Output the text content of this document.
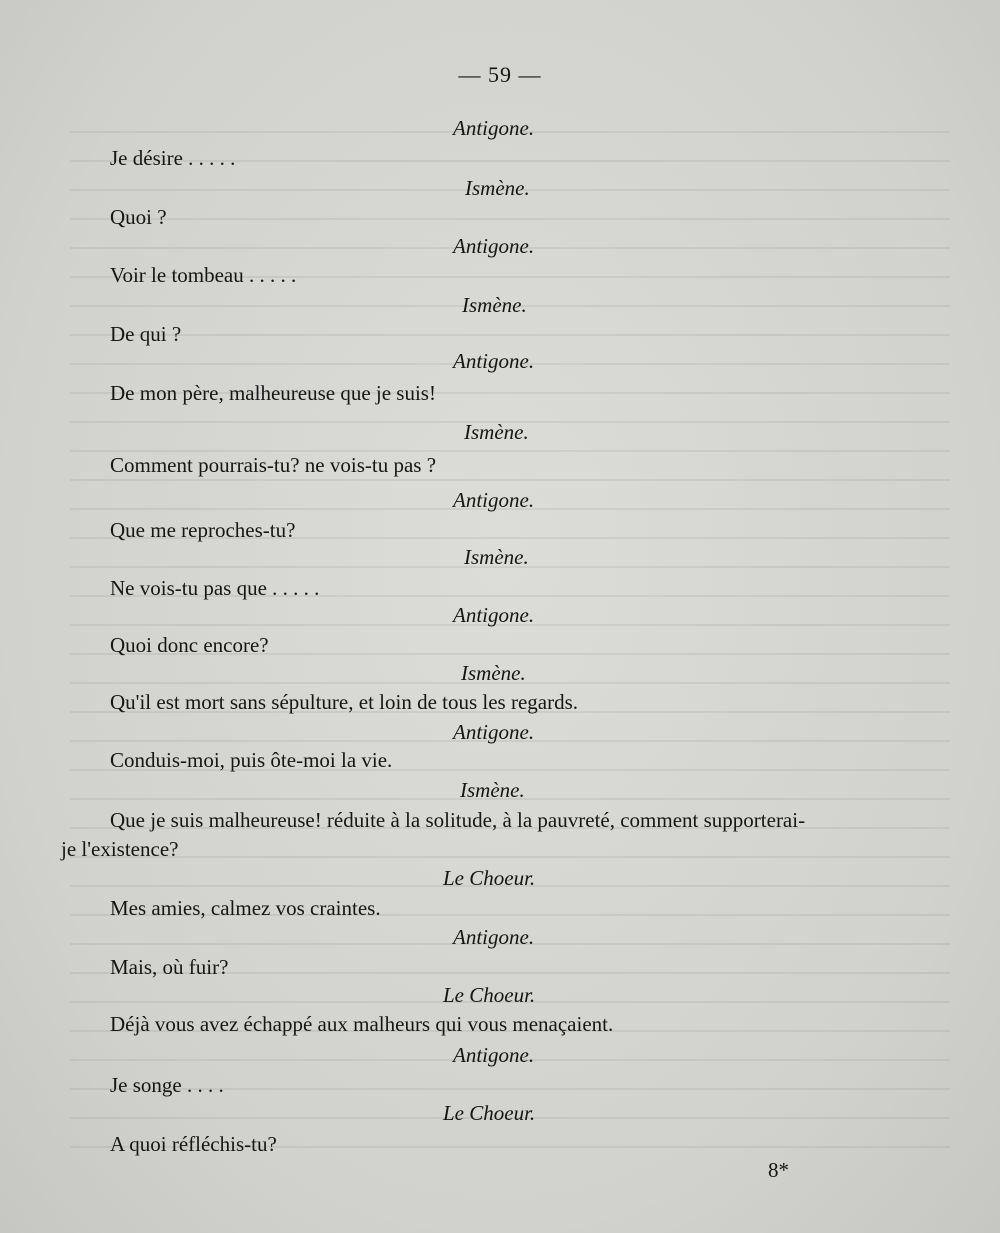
— 59 —
Antigone.
Je désire . . . . .
Ismène.
Quoi ?
Antigone.
Voir le tombeau . . . . .
Ismène.
De qui ?
Antigone.
De mon père, malheureuse que je suis!
Ismène.
Comment pourrais-tu? ne vois-tu pas ?
Antigone.
Que me reproches-tu?
Ismène.
Ne vois-tu pas que . . . . .
Antigone.
Quoi donc encore?
Ismène.
Qu'il est mort sans sépulture, et loin de tous les regards.
Antigone.
Conduis-moi, puis ôte-moi la vie.
Ismène.
Que je suis malheureuse! réduite à la solitude, à la pauvreté, comment supporterai-
je l'existence?
Le Choeur.
Mes amies, calmez vos craintes.
Antigone.
Mais, où fuir?
Le Choeur.
Déjà vous avez échappé aux malheurs qui vous menaçaient.
Antigone.
Je songe . . . .
Le Choeur.
A quoi réfléchis-tu?
8*
